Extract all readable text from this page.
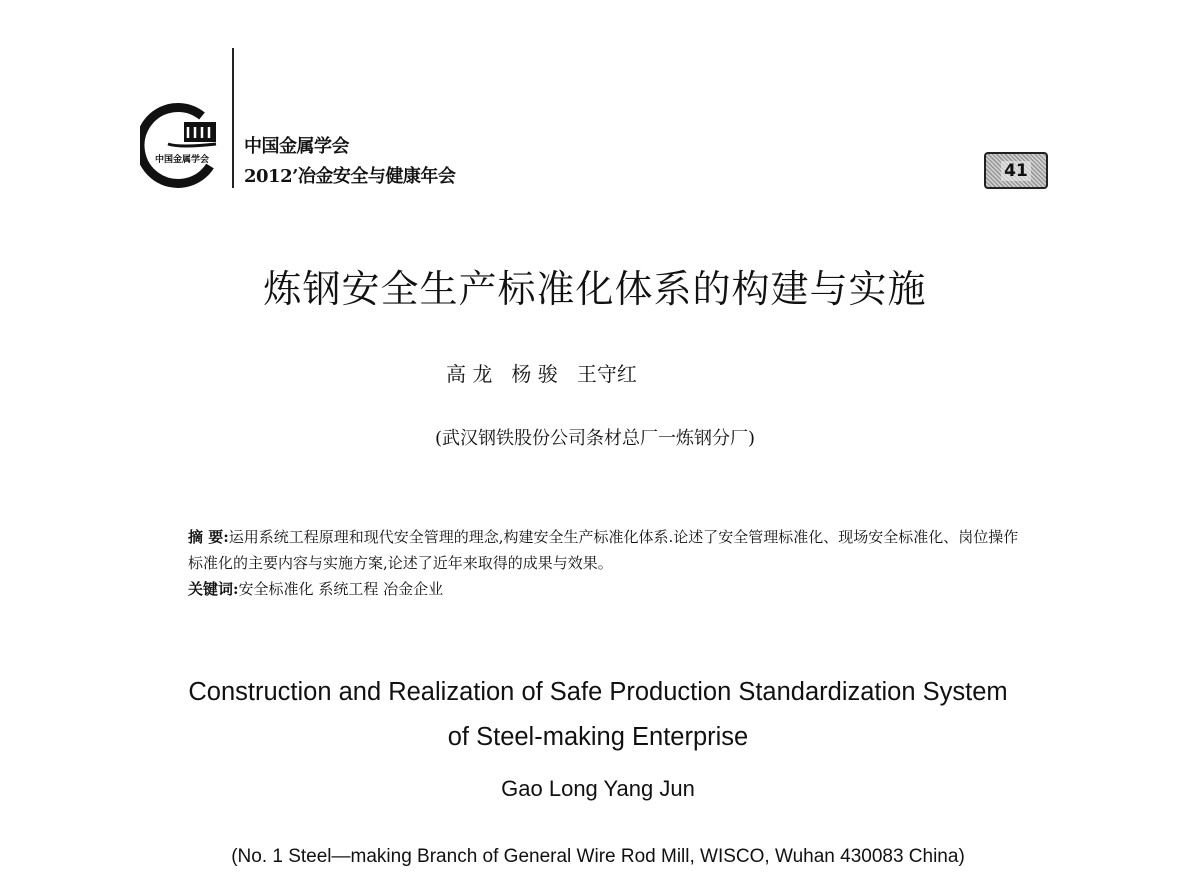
中国金属学会
中国金属学会
2012’冶金安全与健康年会	41
炼钢安全生产标准化体系的构建与实施
高 龙   杨 骏   王守红
(武汉钢铁股份公司条材总厂一炼钢分厂)
摘 要:运用系统工程原理和现代安全管理的理念,构建安全生产标准化体系.论述了安全管理标准化、现场安全标准化、岗位操作标准化的主要内容与实施方案,论述了近年来取得的成果与效果。
关键词:安全标准化 系统工程 冶金企业
Construction and Realization of Safe Production Standardization System
of Steel-making Enterprise
Gao Long Yang Jun
(No. 1 Steel—making Branch of General Wire Rod Mill, WISCO, Wuhan 430083 China)
